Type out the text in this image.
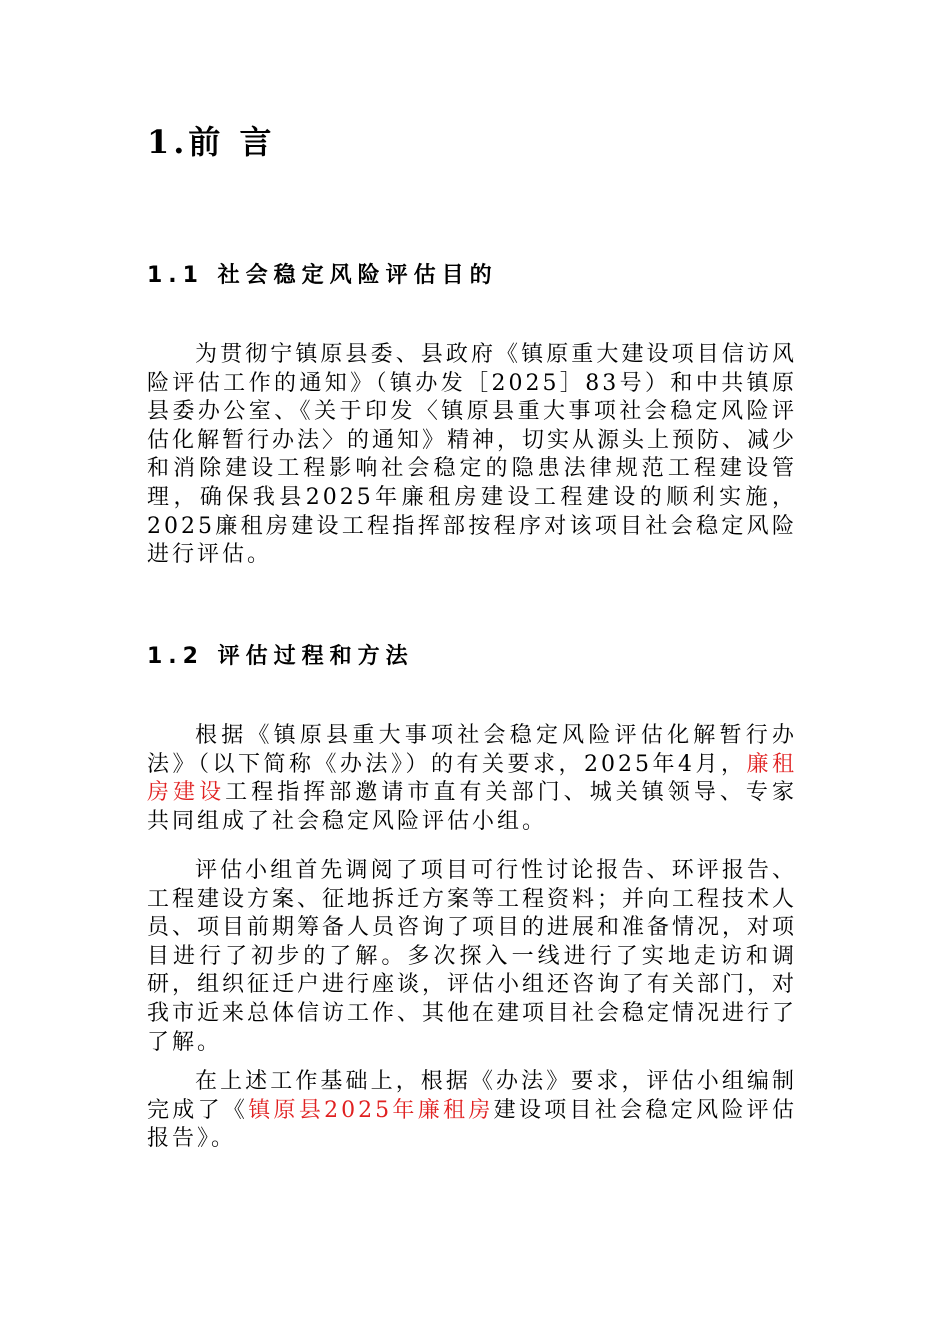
1.前 言
1.1 社会稳定风险评估目的

为贯彻宁镇原县委、县政府《镇原重大建设项目信访风险评估工作的通知》（镇办发［2025］83号）和中共镇原县委办公室、《关于印发〈镇原县重大事项社会稳定风险评估化解暂行办法〉的通知》精神，切实从源头上预防、减少和消除建设工程影响社会稳定的隐患法律规范工程建设管理，确保我县2025年廉租房建设工程建设的顺利实施，2025廉租房建设工程指挥部按程序对该项目社会稳定风险进行评估。

1.2 评估过程和方法

根据《镇原县重大事项社会稳定风险评估化解暂行办法》（以下简称《办法》）的有关要求，2025年4月，廉租房建设工程指挥部邀请市直有关部门、城关镇领导、专家共同组成了社会稳定风险评估小组。

评估小组首先调阅了项目可行性讨论报告、环评报告、工程建设方案、征地拆迁方案等工程资料；并向工程技术人员、项目前期筹备人员咨询了项目的进展和准备情况，对项目进行了初步的了解。多次探入一线进行了实地走访和调研，组织征迁户进行座谈，评估小组还咨询了有关部门，对我市近来总体信访工作、其他在建项目社会稳定情况进行了了解。

在上述工作基础上，根据《办法》要求，评估小组编制完成了《镇原县2025年廉租房建设项目社会稳定风险评估报告》。
